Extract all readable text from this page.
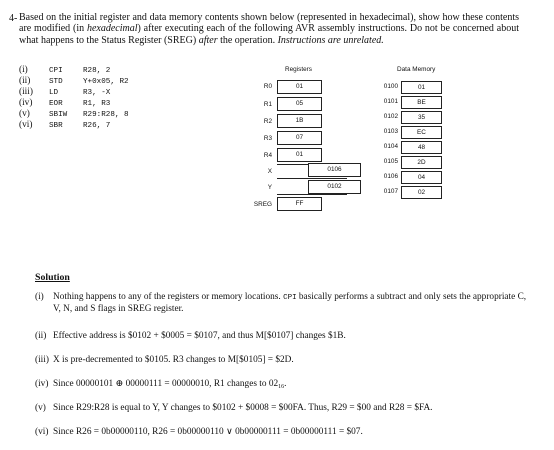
4- Based on the initial register and data memory contents shown below (represented in hexadecimal), show how these contents are modified (in hexadecimal) after executing each of the following AVR assembly instructions. Do not be concerned about what happens to the Status Register (SREG) after the operation. Instructions are unrelated.
(i)	CPI	R28, 2
(ii) STD	Y+0x05, R2
(iii) LD	R3, -X
(iv) EOR	R1, R3
(v)	SBIW R29:R28, 8
(vi) SBR	R26, 7
Registers
R0	01
R1	05
R2	1B
R3	07
R4	01
X	0106
Y	0102
SREG	FF
Data Memory
0100	01
0101	BE
0102	35
0103	EC
0104	48
0105	2D
0106	04
0107	02
Solution
(i) Nothing happens to any of the registers or memory locations. CPI basically performs a subtract and only sets the appropriate C, V, N, and S flags in SREG register.
(ii) Effective address is $0102 + $0005 = $0107, and thus M[$0107] changes $1B.
(iii) X is pre-decremented to $0105. R3 changes to M[$0105] = $2D.
(iv) Since 00000101 ⊕ 00000111 = 00000010, R1 changes to $02_{16}$.
(v) Since R29:R28 is equal to Y, Y changes to $0102 + $0008 = $00FA. Thus, R29 = $00 and R28 = $FA.
(vi) Since R26 = 0b00000110, R26 = 0b00000110 ∨ 0b00000111 = 0b00000111 = $07.
